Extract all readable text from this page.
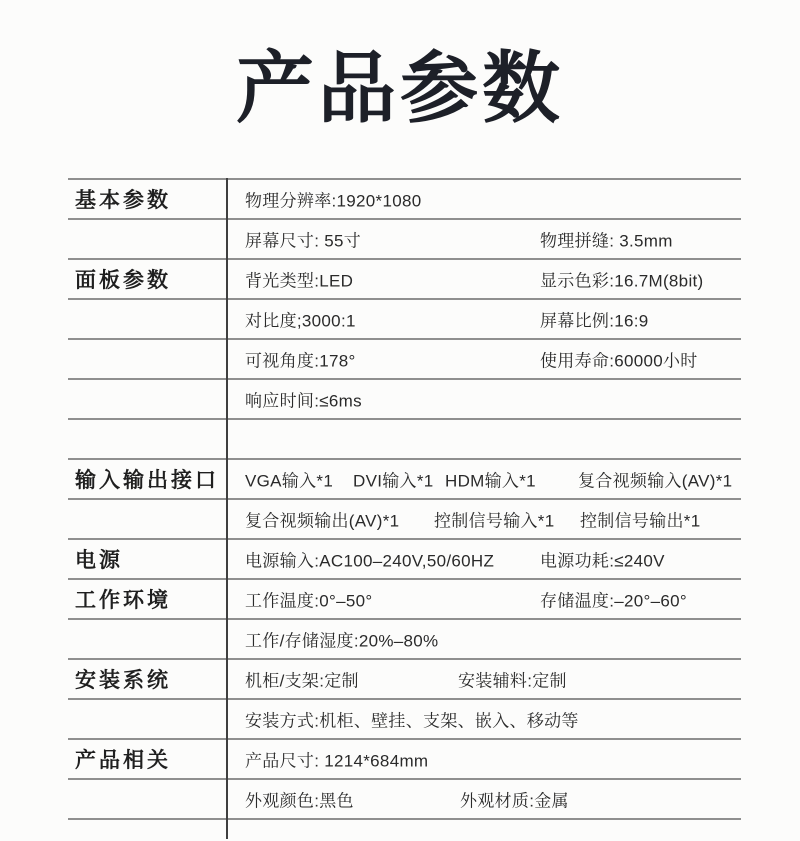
产品参数
基本参数	物理分辨率:1920*1080
屏幕尺寸: 55寸	物理拼缝: 3.5mm
面板参数	背光类型:LED	显示色彩:16.7M(8bit)
对比度;3000:1	屏幕比例:16:9
可视角度:178°	使用寿命:60000小时
响应时间:≤6ms
输入输出接口	VGA输入*1 DVI输入*1 HDM输入*1 复合视频输入(AV)*1
复合视频输出(AV)*1 控制信号输入*1 控制信号输出*1
电源	电源输入:AC100–240V,50/60HZ	电源功耗:≤240V
工作环境	工作温度:0°–50°	存储温度:–20°–60°
工作/存储湿度:20%–80%
安装系统	机柜/支架:定制	安装辅料:定制
安装方式:机柜、壁挂、支架、嵌入、移动等
产品相关	产品尺寸: 1214*684mm
外观颜色:黑色	外观材质:金属
